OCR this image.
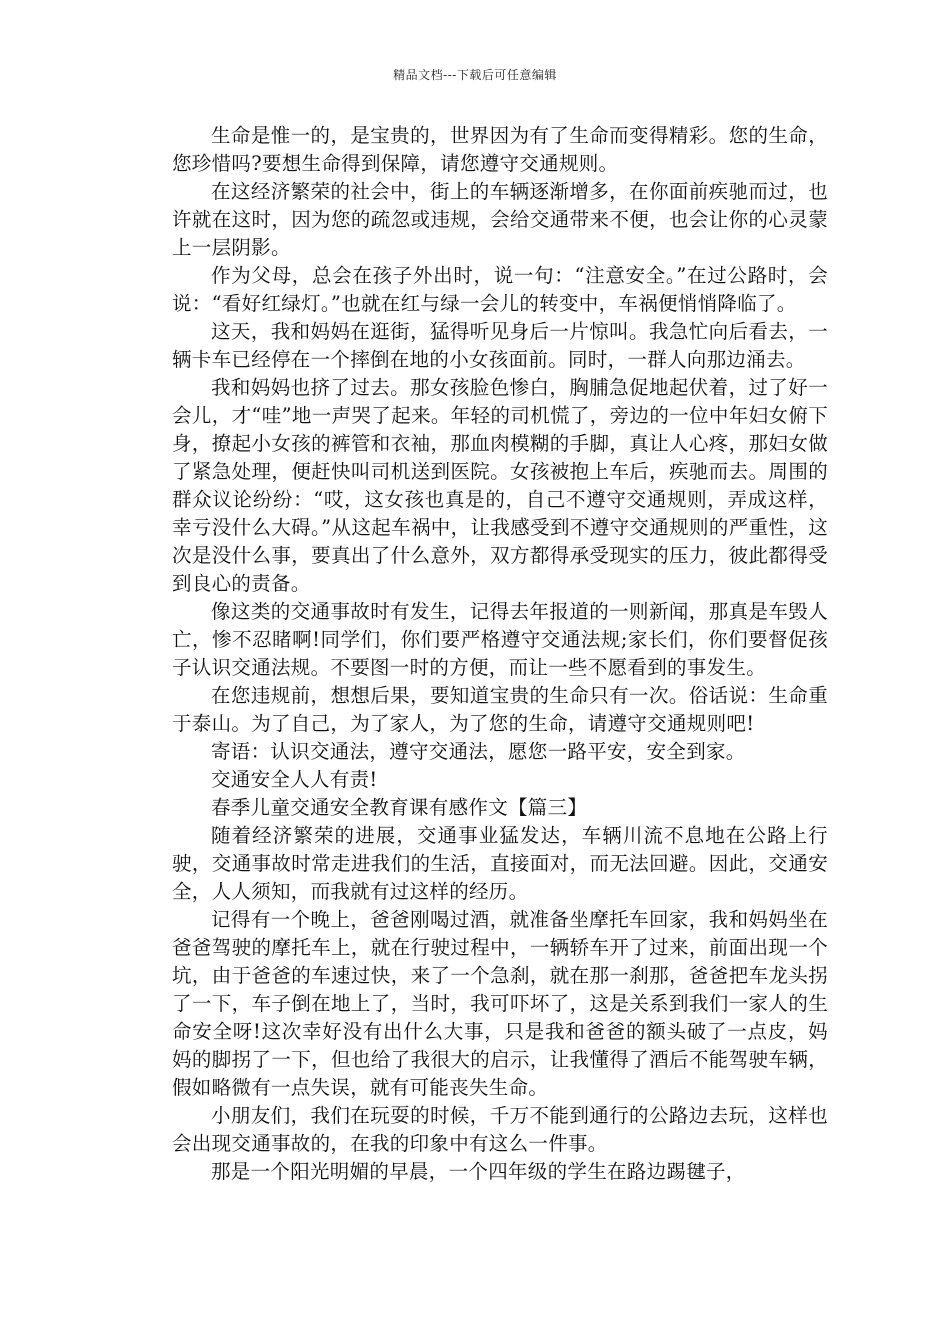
精品文档---下载后可任意编辑

生命是惟一的，是宝贵的，世界因为有了生命而变得精彩。您的生命，您珍惜吗?要想生命得到保障，请您遵守交通规则。

在这经济繁荣的社会中，街上的车辆逐渐增多，在你面前疾驰而过，也许就在这时，因为您的疏忽或违规，会给交通带来不便，也会让你的心灵蒙上一层阴影。

作为父母，总会在孩子外出时，说一句：“注意安全。”在过公路时，会说：“看好红绿灯。”也就在红与绿一会儿的转变中，车祸便悄悄降临了。

这天，我和妈妈在逛街，猛得听见身后一片惊叫。我急忙向后看去，一辆卡车已经停在一个摔倒在地的小女孩面前。同时，一群人向那边涌去。

我和妈妈也挤了过去。那女孩脸色惨白，胸脯急促地起伏着，过了好一会儿，才“哇”地一声哭了起来。年轻的司机慌了，旁边的一位中年妇女俯下身，撩起小女孩的裤管和衣袖，那血肉模糊的手脚，真让人心疼，那妇女做了紧急处理，便赶快叫司机送到医院。女孩被抱上车后，疾驰而去。周围的群众议论纷纷：“哎，这女孩也真是的，自己不遵守交通规则，弄成这样，幸亏没什么大碍。”从这起车祸中，让我感受到不遵守交通规则的严重性，这次是没什么事，要真出了什么意外，双方都得承受现实的压力，彼此都得受到良心的责备。

像这类的交通事故时有发生，记得去年报道的一则新闻，那真是车毁人亡，惨不忍睹啊!同学们，你们要严格遵守交通法规;家长们，你们要督促孩子认识交通法规。不要图一时的方便，而让一些不愿看到的事发生。

在您违规前，想想后果，要知道宝贵的生命只有一次。俗话说：生命重于泰山。为了自己，为了家人，为了您的生命，请遵守交通规则吧!

寄语：认识交通法，遵守交通法，愿您一路平安，安全到家。

交通安全人人有责!

春季儿童交通安全教育课有感作文【篇三】

随着经济繁荣的进展，交通事业猛发达，车辆川流不息地在公路上行驶，交通事故时常走进我们的生活，直接面对，而无法回避。因此，交通安全，人人须知，而我就有过这样的经历。

记得有一个晚上，爸爸刚喝过酒，就准备坐摩托车回家，我和妈妈坐在爸爸驾驶的摩托车上，就在行驶过程中，一辆轿车开了过来，前面出现一个坑，由于爸爸的车速过快，来了一个急刹，就在那一刹那，爸爸把车龙头拐了一下，车子倒在地上了，当时，我可吓坏了，这是关系到我们一家人的生命安全呀!这次幸好没有出什么大事，只是我和爸爸的额头破了一点皮，妈妈的脚拐了一下，但也给了我很大的启示，让我懂得了酒后不能驾驶车辆，假如略微有一点失误，就有可能丧失生命。

小朋友们，我们在玩耍的时候，千万不能到通行的公路边去玩，这样也会出现交通事故的，在我的印象中有这么一件事。

那是一个阳光明媚的早晨，一个四年级的学生在路边踢毽子，
